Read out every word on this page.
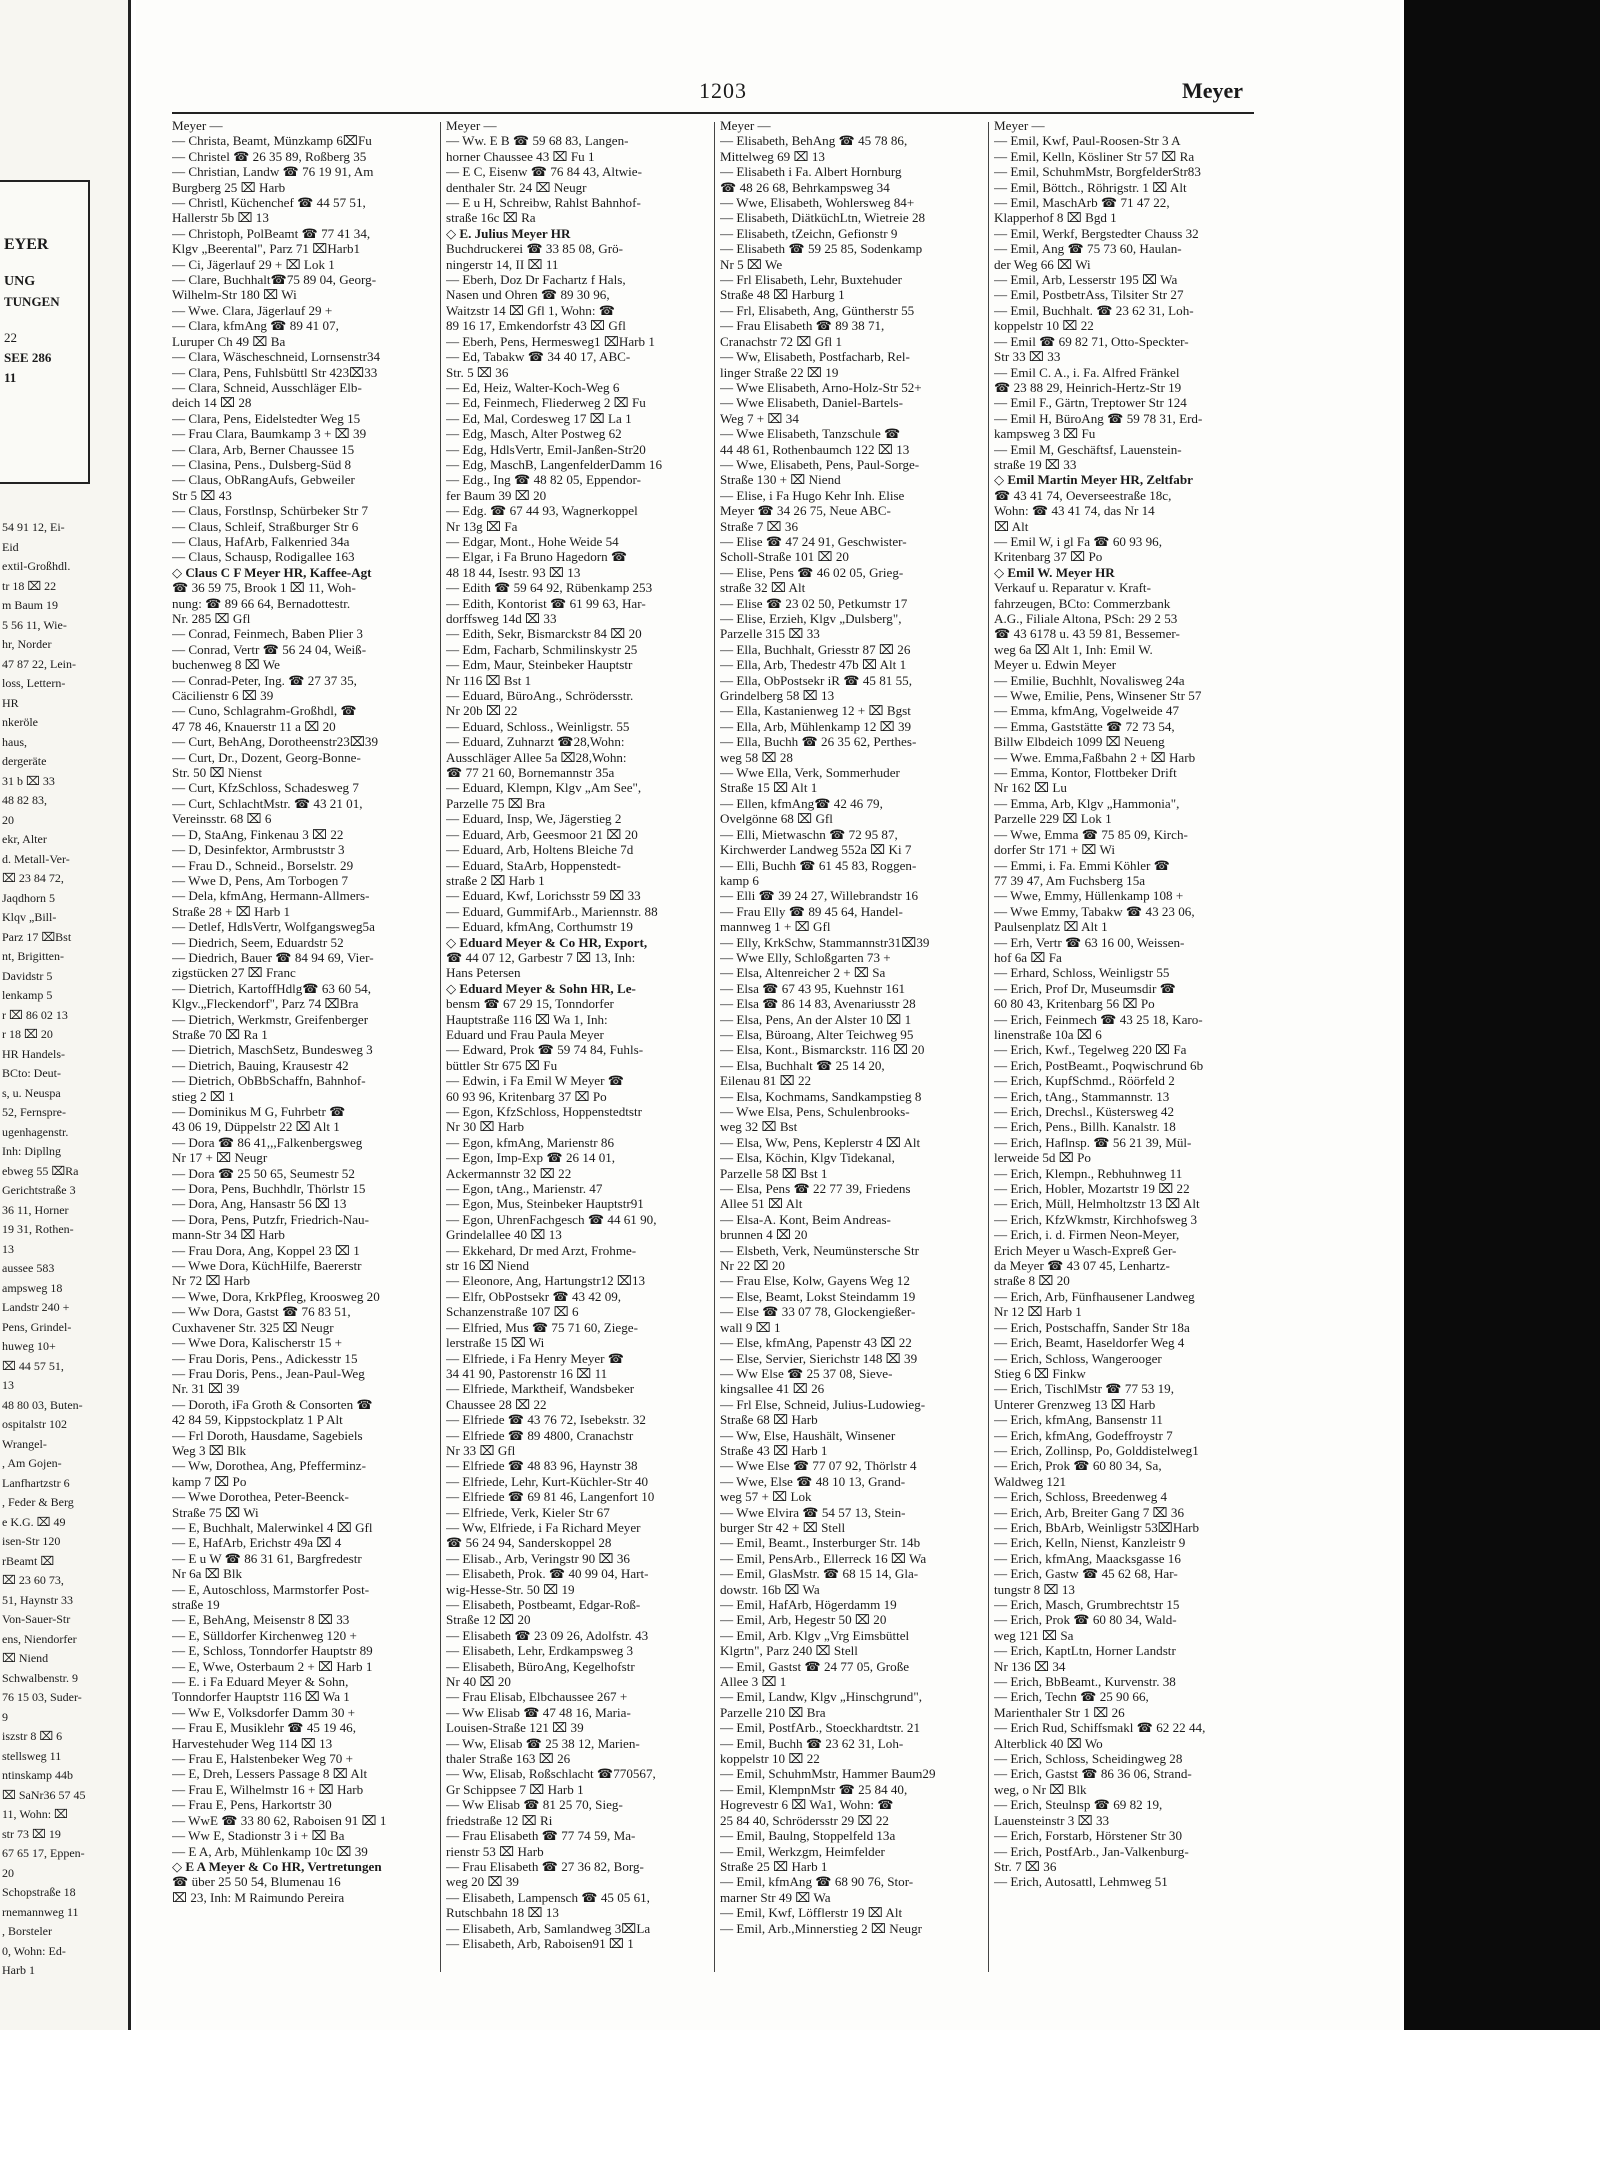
EYER
UNG
TUNGEN
22
SEE 286
11
54 91 12, Ei-
Eid
extil-Großhdl.
tr 18 ⌧ 22
m Baum 19
5 56 11, Wie-
hr, Norder
47 87 22, Lein-
loss, Lettern-
HR
nkeröle
haus,
dergeräte
31 b ⌧ 33
48 82 83,
20
ekr, Alter
d. Metall-Ver-
⌧ 23 84 72,
Jaqdhorn 5
Klqv „Bill-
Parz 17 ⌧Bst
nt, Brigitten-
Davidstr 5
lenkamp 5
r ⌧ 86 02 13
r 18 ⌧ 20
HR Handels-
BCto: Deut-
s, u. Neuspa
52, Fernspre-
ugenhagenstr.
Inh: Dipllng
ebweg 55 ⌧Ra
Gerichtstraße 3
36 11, Horner
19 31, Rothen-
13
aussee 583
ampsweg 18
Landstr 240 +
Pens, Grindel-
huweg 10+
⌧ 44 57 51,
13
48 80 03, Buten-
ospitalstr 102
Wrangel-
, Am Gojen-
Lanfhartzstr 6
, Feder & Berg
e K.G. ⌧ 49
isen-Str 120
rBeamt ⌧
⌧ 23 60 73,
51, Haynstr 33
Von-Sauer-Str
ens, Niendorfer
⌧ Niend
Schwalbenstr. 9
76 15 03, Suder-
9
iszstr 8 ⌧ 6
stellsweg 11
ntinskamp 44b
⌧ SaNr36 57 45
11, Wohn: ⌧
str 73 ⌧ 19
67 65 17, Eppen-
20
Schopstraße 18
rnemannweg 11
, Borsteler
0, Wohn: Ed-
Harb 1
1203	Meyer
Meyer —
— Christa, Beamt, Münzkamp 6⌧Fu
— Christel ☎ 26 35 89, Roßberg 35
— Christian, Landw ☎ 76 19 91, Am
Burgberg 25 ⌧ Harb
— Christl, Küchenchef ☎ 44 57 51,
Hallerstr 5b ⌧ 13
— Christoph, PolBeamt ☎ 77 41 34,
Klgv „Beerental", Parz 71 ⌧Harb1
— Ci, Jägerlauf 29 + ⌧ Lok 1
— Clare, Buchhalt☎75 89 04, Georg-
Wilhelm-Str 180 ⌧ Wi
— Wwe. Clara, Jägerlauf 29 +
— Clara, kfmAng ☎ 89 41 07,
Luruper Ch 49 ⌧ Ba
— Clara, Wäscheschneid, Lornsenstr34
— Clara, Pens, Fuhlsbüttl Str 423⌧33
— Clara, Schneid, Ausschläger Elb-
deich 14 ⌧ 28
— Clara, Pens, Eidelstedter Weg 15
— Frau Clara, Baumkamp 3 + ⌧ 39
— Clara, Arb, Berner Chaussee 15
— Clasina, Pens., Dulsberg-Süd 8
— Claus, ObRangAufs, Gebweiler
Str 5 ⌧ 43
— Claus, Forstlnsp, Schürbeker Str 7
— Claus, Schleif, Straßburger Str 6
— Claus, HafArb, Falkenried 34a
— Claus, Schausp, Rodigallee 163
◇ Claus C F Meyer HR, Kaffee-Agt
☎ 36 59 75, Brook 1 ⌧ 11, Woh-
nung: ☎ 89 66 64, Bernadottestr.
Nr. 285 ⌧ Gfl
— Conrad, Feinmech, Baben Plier 3
— Conrad, Vertr ☎ 56 24 04, Weiß-
buchenweg 8 ⌧ We
— Conrad-Peter, Ing. ☎ 27 37 35,
Cäcilienstr 6 ⌧ 39
— Cuno, Schlagrahm-Großhdl, ☎
47 78 46, Knauerstr 11 a ⌧ 20
— Curt, BehAng, Dorotheenstr23⌧39
— Curt, Dr., Dozent, Georg-Bonne-
Str. 50 ⌧ Nienst
— Curt, KfzSchloss, Schadesweg 7
— Curt, SchlachtMstr. ☎ 43 21 01,
Vereinsstr. 68 ⌧ 6
— D, StaAng, Finkenau 3 ⌧ 22
— D, Desinfektor, Armbruststr 3
— Frau D., Schneid., Borselstr. 29
— Wwe D, Pens, Am Torbogen 7
— Dela, kfmAng, Hermann-Allmers-
Straße 28 + ⌧ Harb 1
— Detlef, HdlsVertr, Wolfgangsweg5a
— Diedrich, Seem, Eduardstr 52
— Diedrich, Bauer ☎ 84 94 69, Vier-
zigstücken 27 ⌧ Franc
— Dietrich, KartoffHdlg☎ 63 60 54,
Klgv.„Fleckendorf", Parz 74 ⌧Bra
— Dietrich, Werkmstr, Greifenberger
Straße 70 ⌧ Ra 1
— Dietrich, MaschSetz, Bundesweg 3
— Dietrich, Bauing, Krausestr 42
— Dietrich, ObBbSchaffn, Bahnhof-
stieg 2 ⌧ 1
— Dominikus M G, Fuhrbetr ☎
43 06 19, Düppelstr 22 ⌧ Alt 1
— Dora ☎ 86 41,,,Falkenbergsweg
Nr 17 + ⌧ Neugr
— Dora ☎ 25 50 65, Seumestr 52
— Dora, Pens, Buchhdlr, Thörlstr 15
— Dora, Ang, Hansastr 56 ⌧ 13
— Dora, Pens, Putzfr, Friedrich-Nau-
mann-Str 34 ⌧ Harb
— Frau Dora, Ang, Koppel 23 ⌧ 1
— Wwe Dora, KüchHilfe, Baererstr
Nr 72 ⌧ Harb
— Wwe, Dora, KrkPfleg, Kroosweg 20
— Ww Dora, Gastst ☎ 76 83 51,
Cuxhavener Str. 325 ⌧ Neugr
— Wwe Dora, Kalischerstr 15 +
— Frau Doris, Pens., Adickesstr 15
— Frau Doris, Pens., Jean-Paul-Weg
Nr. 31 ⌧ 39
— Doroth, iFa Groth & Consorten ☎
42 84 59, Kippstockplatz 1 P Alt
— Frl Doroth, Hausdame, Sagebiels
Weg 3 ⌧ Blk
— Ww, Dorothea, Ang, Pfefferminz-
kamp 7 ⌧ Po
— Wwe Dorothea, Peter-Beenck-
Straße 75 ⌧ Wi
— E, Buchhalt, Malerwinkel 4 ⌧ Gfl
— E, HafArb, Erichstr 49a ⌧ 4
— E u W ☎ 86 31 61, Bargfredestr
Nr 6a ⌧ Blk
— E, Autoschloss, Marmstorfer Post-
straße 19
— E, BehAng, Meisenstr 8 ⌧ 33
— E, Sülldorfer Kirchenweg 120 +
— E, Schloss, Tonndorfer Hauptstr 89
— E, Wwe, Osterbaum 2 + ⌧ Harb 1
— E. i Fa Eduard Meyer & Sohn,
Tonndorfer Hauptstr 116 ⌧ Wa 1
— Ww E, Volksdorfer Damm 30 +
— Frau E, Musiklehr ☎ 45 19 46,
Harvestehuder Weg 114 ⌧ 13
— Frau E, Halstenbeker Weg 70 +
— E, Dreh, Lessers Passage 8 ⌧ Alt
— Frau E, Wilhelmstr 16 + ⌧ Harb
— Frau E, Pens, Harkortstr 30
— WwE ☎ 33 80 62, Raboisen 91 ⌧ 1
— Ww E, Stadionstr 3 i + ⌧ Ba
— E A, Arb, Mühlenkamp 10c ⌧ 39
◇ E A Meyer & Co HR, Vertretungen
☎ über 25 50 54, Blumenau 16
⌧ 23, Inh: M Raimundo Pereira
Meyer —
— Ww. E B ☎ 59 68 83, Langen-
horner Chaussee 43 ⌧ Fu 1
— E C, Eisenw ☎ 76 84 43, Altwie-
denthaler Str. 24 ⌧ Neugr
— E u H, Schreibw, Rahlst Bahnhof-
straße 16c ⌧ Ra
◇ E. Julius Meyer HR
Buchdruckerei ☎ 33 85 08, Grö-
ningerstr 14, II ⌧ 11
— Eberh, Doz Dr Fachartz f Hals,
Nasen und Ohren ☎ 89 30 96,
Waitzstr 14 ⌧ Gfl 1, Wohn: ☎
89 16 17, Emkendorfstr 43 ⌧ Gfl
— Eberh, Pens, Hermesweg1 ⌧Harb 1
— Ed, Tabakw ☎ 34 40 17, ABC-
Str. 5 ⌧ 36
— Ed, Heiz, Walter-Koch-Weg 6
— Ed, Feinmech, Fliederweg 2 ⌧ Fu
— Ed, Mal, Cordesweg 17 ⌧ La 1
— Edg, Masch, Alter Postweg 62
— Edg, HdlsVertr, Emil-Janßen-Str20
— Edg, MaschB, LangenfelderDamm 16
— Edg., Ing ☎ 48 82 05, Eppendor-
fer Baum 39 ⌧ 20
— Edg. ☎ 67 44 93, Wagnerkoppel
Nr 13g ⌧ Fa
— Edgar, Mont., Hohe Weide 54
— Elgar, i Fa Bruno Hagedorn ☎
48 18 44, Isestr. 93 ⌧ 13
— Edith ☎ 59 64 92, Rübenkamp 253
— Edith, Kontorist ☎ 61 99 63, Har-
dorffsweg 14d ⌧ 33
— Edith, Sekr, Bismarckstr 84 ⌧ 20
— Edm, Facharb, Schmilinskystr 25
— Edm, Maur, Steinbeker Hauptstr
Nr 116 ⌧ Bst 1
— Eduard, BüroAng., Schrödersstr.
Nr 20b ⌧ 22
— Eduard, Schloss., Weinligstr. 55
— Eduard, Zuhnarzt ☎28,Wohn:
Ausschläger Allee 5a ⌧28,Wohn:
☎ 77 21 60, Bornemannstr 35a
— Eduard, Klempn, Klgv „Am See",
Parzelle 75 ⌧ Bra
— Eduard, Insp, We, Jägerstieg 2
— Eduard, Arb, Geesmoor 21 ⌧ 20
— Eduard, Arb, Holtens Bleiche 7d
— Eduard, StaArb, Hoppenstedt-
straße 2 ⌧ Harb 1
— Eduard, Kwf, Lorichsstr 59 ⌧ 33
— Eduard, GummifArb., Mariennstr. 88
— Eduard, kfmAng, Corthumstr 19
◇ Eduard Meyer & Co HR, Export,
☎ 44 07 12, Garbestr 7 ⌧ 13, Inh:
Hans Petersen
◇ Eduard Meyer & Sohn HR, Le-
bensm ☎ 67 29 15, Tonndorfer
Hauptstraße 116 ⌧ Wa 1, Inh:
Eduard und Frau Paula Meyer
— Edward, Prok ☎ 59 74 84, Fuhls-
büttler Str 675 ⌧ Fu
— Edwin, i Fa Emil W Meyer ☎
60 93 96, Kritenbarg 37 ⌧ Po
— Egon, KfzSchloss, Hoppenstedtstr
Nr 30 ⌧ Harb
— Egon, kfmAng, Marienstr 86
— Egon, Imp-Exp ☎ 26 14 01,
Ackermannstr 32 ⌧ 22
— Egon, tAng., Marienstr. 47
— Egon, Mus, Steinbeker Hauptstr91
— Egon, UhrenFachgesch ☎ 44 61 90,
Grindelallee 40 ⌧ 13
— Ekkehard, Dr med Arzt, Frohme-
str 16 ⌧ Niend
— Eleonore, Ang, Hartungstr12 ⌧13
— Elfr, ObPostsekr ☎ 43 42 09,
Schanzenstraße 107 ⌧ 6
— Elfried, Mus ☎ 75 71 60, Ziege-
lerstraße 15 ⌧ Wi
— Elfriede, i Fa Henry Meyer ☎
34 41 90, Pastorenstr 16 ⌧ 11
— Elfriede, Marktheif, Wandsbeker
Chaussee 28 ⌧ 22
— Elfriede ☎ 43 76 72, Isebekstr. 32
— Elfriede ☎ 89 4800, Cranachstr
Nr 33 ⌧ Gfl
— Elfriede ☎ 48 83 96, Haynstr 38
— Elfriede, Lehr, Kurt-Küchler-Str 40
— Elfriede ☎ 69 81 46, Langenfort 10
— Elfriede, Verk, Kieler Str 67
— Ww, Elfriede, i Fa Richard Meyer
☎ 56 24 94, Sanderskoppel 28
— Elisab., Arb, Veringstr 90 ⌧ 36
— Elisabeth, Prok. ☎ 40 99 04, Hart-
wig-Hesse-Str. 50 ⌧ 19
— Elisabeth, Postbeamt, Edgar-Roß-
Straße 12 ⌧ 20
— Elisabeth ☎ 23 09 26, Adolfstr. 43
— Elisabeth, Lehr, Erdkampsweg 3
— Elisabeth, BüroAng, Kegelhofstr
Nr 40 ⌧ 20
— Frau Elisab, Elbchaussee 267 +
— Ww Elisab ☎ 47 48 16, Maria-
Louisen-Straße 121 ⌧ 39
— Ww, Elisab ☎ 25 38 12, Marien-
thaler Straße 163 ⌧ 26
— Ww, Elisab, Roßschlacht ☎770567,
Gr Schippsee 7 ⌧ Harb 1
— Ww Elisab ☎ 81 25 70, Sieg-
friedstraße 12 ⌧ Ri
— Frau Elisabeth ☎ 77 74 59, Ma-
rienstr 53 ⌧ Harb
— Frau Elisabeth ☎ 27 36 82, Borg-
weg 20 ⌧ 39
— Elisabeth, Lampensch ☎ 45 05 61,
Rutschbahn 18 ⌧ 13
— Elisabeth, Arb, Samlandweg 3⌧La
— Elisabeth, Arb, Raboisen91 ⌧ 1
Meyer —
— Elisabeth, BehAng ☎ 45 78 86,
Mittelweg 69 ⌧ 13
— Elisabeth i Fa. Albert Hornburg
☎ 48 26 68, Behrkampsweg 34
— Wwe, Elisabeth, Wohlersweg 84+
— Elisabeth, DiätküchLtn, Wietreie 28
— Elisabeth, tZeichn, Gefionstr 9
— Elisabeth ☎ 59 25 85, Sodenkamp
Nr 5 ⌧ We
— Frl Elisabeth, Lehr, Buxtehuder
Straße 48 ⌧ Harburg 1
— Frl, Elisabeth, Ang, Güntherstr 55
— Frau Elisabeth ☎ 89 38 71,
Cranachstr 72 ⌧ Gfl 1
— Ww, Elisabeth, Postfacharb, Rel-
linger Straße 22 ⌧ 19
— Wwe Elisabeth, Arno-Holz-Str 52+
— Wwe Elisabeth, Daniel-Bartels-
Weg 7 + ⌧ 34
— Wwe Elisabeth, Tanzschule ☎
44 48 61, Rothenbaumch 122 ⌧ 13
— Wwe, Elisabeth, Pens, Paul-Sorge-
Straße 130 + ⌧ Niend
— Elise, i Fa Hugo Kehr Inh. Elise
Meyer ☎ 34 26 75, Neue ABC-
Straße 7 ⌧ 36
— Elise ☎ 47 24 91, Geschwister-
Scholl-Straße 101 ⌧ 20
— Elise, Pens ☎ 46 02 05, Grieg-
straße 32 ⌧ Alt
— Elise ☎ 23 02 50, Petkumstr 17
— Elise, Erzieh, Klgv „Dulsberg",
Parzelle 315 ⌧ 33
— Ella, Buchhalt, Griesstr 87 ⌧ 26
— Ella, Arb, Thedestr 47b ⌧ Alt 1
— Ella, ObPostsekr iR ☎ 45 81 55,
Grindelberg 58 ⌧ 13
— Ella, Kastanienweg 12 + ⌧ Bgst
— Ella, Arb, Mühlenkamp 12 ⌧ 39
— Ella, Buchh ☎ 26 35 62, Perthes-
weg 58 ⌧ 28
— Wwe Ella, Verk, Sommerhuder
Straße 15 ⌧ Alt 1
— Ellen, kfmAng☎ 42 46 79,
Ovelgönne 68 ⌧ Gfl
— Elli, Mietwaschn ☎ 72 95 87,
Kirchwerder Landweg 552a ⌧ Ki 7
— Elli, Buchh ☎ 61 45 83, Roggen-
kamp 6
— Elli ☎ 39 24 27, Willebrandstr 16
— Frau Elly ☎ 89 45 64, Handel-
mannweg 1 + ⌧ Gfl
— Elly, KrkSchw, Stammannstr31⌧39
— Wwe Elly, Schloßgarten 73 +
— Elsa, Altenreicher 2 + ⌧ Sa
— Elsa ☎ 67 43 95, Kuehnstr 161
— Elsa ☎ 86 14 83, Avenariusstr 28
— Elsa, Pens, An der Alster 10 ⌧ 1
— Elsa, Büroang, Alter Teichweg 95
— Elsa, Kont., Bismarckstr. 116 ⌧ 20
— Elsa, Buchhalt ☎ 25 14 20,
Eilenau 81 ⌧ 22
— Elsa, Kochmams, Sandkampstieg 8
— Wwe Elsa, Pens, Schulenbrooks-
weg 32 ⌧ Bst
— Elsa, Ww, Pens, Keplerstr 4 ⌧ Alt
— Elsa, Köchin, Klgv Tidekanal,
Parzelle 58 ⌧ Bst 1
— Elsa, Pens ☎ 22 77 39, Friedens
Allee 51 ⌧ Alt
— Elsa-A. Kont, Beim Andreas-
brunnen 4 ⌧ 20
— Elsbeth, Verk, Neumünstersche Str
Nr 22 ⌧ 20
— Frau Else, Kolw, Gayens Weg 12
— Else, Beamt, Lokst Steindamm 19
— Else ☎ 33 07 78, Glockengießer-
wall 9 ⌧ 1
— Else, kfmAng, Papenstr 43 ⌧ 22
— Else, Servier, Sierichstr 148 ⌧ 39
— Ww Else ☎ 25 37 08, Sieve-
kingsallee 41 ⌧ 26
— Frl Else, Schneid, Julius-Ludowieg-
Straße 68 ⌧ Harb
— Ww, Else, Haushält, Winsener
Straße 43 ⌧ Harb 1
— Wwe Else ☎ 77 07 92, Thörlstr 4
— Wwe, Else ☎ 48 10 13, Grand-
weg 57 + ⌧ Lok
— Wwe Elvira ☎ 54 57 13, Stein-
burger Str 42 + ⌧ Stell
— Emil, Beamt., Insterburger Str. 14b
— Emil, PensArb., Ellerreck 16 ⌧ Wa
— Emil, GlasMstr. ☎ 68 15 14, Gla-
dowstr. 16b ⌧ Wa
— Emil, HafArb, Högerdamm 19
— Emil, Arb, Hegestr 50 ⌧ 20
— Emil, Arb. Klgv „Vrg Eimsbüttel
Klgrtn", Parz 240 ⌧ Stell
— Emil, Gastst ☎ 24 77 05, Große
Allee 3 ⌧ 1
— Emil, Landw, Klgv „Hinschgrund",
Parzelle 210 ⌧ Bra
— Emil, PostfArb., Stoeckhardtstr. 21
— Emil, Buchh ☎ 23 62 31, Loh-
koppelstr 10 ⌧ 22
— Emil, SchuhmMstr, Hammer Baum29
— Emil, KlempnMstr ☎ 25 84 40,
Hogrevestr 6 ⌧ Wa1, Wohn: ☎
25 84 40, Schrödersstr 29 ⌧ 22
— Emil, Baulng, Stoppelfeld 13a
— Emil, Werkzgm, Heimfelder
Straße 25 ⌧ Harb 1
— Emil, kfmAng ☎ 68 90 76, Stor-
marner Str 49 ⌧ Wa
— Emil, Kwf, Löfflerstr 19 ⌧ Alt
— Emil, Arb.,Minnerstieg 2 ⌧ Neugr
Meyer —
— Emil, Kwf, Paul-Roosen-Str 3 A
— Emil, Kelln, Kösliner Str 57 ⌧ Ra
— Emil, SchuhmMstr, BorgfelderStr83
— Emil, Böttch., Röhrigstr. 1 ⌧ Alt
— Emil, MaschArb ☎ 71 47 22,
Klapperhof 8 ⌧ Bgd 1
— Emil, Werkf, Bergstedter Chauss 32
— Emil, Ang ☎ 75 73 60, Haulan-
der Weg 66 ⌧ Wi
— Emil, Arb, Lesserstr 195 ⌧ Wa
— Emil, PostbetrAss, Tilsiter Str 27
— Emil, Buchhalt. ☎ 23 62 31, Loh-
koppelstr 10 ⌧ 22
— Emil ☎ 69 82 71, Otto-Speckter-
Str 33 ⌧ 33
— Emil C. A., i. Fa. Alfred Fränkel
☎ 23 88 29, Heinrich-Hertz-Str 19
— Emil F., Gärtn, Treptower Str 124
— Emil H, BüroAng ☎ 59 78 31, Erd-
kampsweg 3 ⌧ Fu
— Emil M, Geschäftsf, Lauenstein-
straße 19 ⌧ 33
◇ Emil Martin Meyer HR, Zeltfabr
☎ 43 41 74, Oeverseestraße 18c,
Wohn: ☎ 43 41 74, das Nr 14
⌧ Alt
— Emil W, i gl Fa ☎ 60 93 96,
Kritenbarg 37 ⌧ Po
◇ Emil W. Meyer HR
Verkauf u. Reparatur v. Kraft-
fahrzeugen, BCto: Commerzbank
A.G., Filiale Altona, PSch: 29 2 53
☎ 43 6178 u. 43 59 81, Bessemer-
weg 6a ⌧ Alt 1, Inh: Emil W.
Meyer u. Edwin Meyer
— Emilie, Buchhlt, Novalisweg 24a
— Wwe, Emilie, Pens, Winsener Str 57
— Emma, kfmAng, Vogelweide 47
— Emma, Gaststätte ☎ 72 73 54,
Billw Elbdeich 1099 ⌧ Neueng
— Wwe. Emma,Faßbahn 2 + ⌧ Harb
— Emma, Kontor, Flottbeker Drift
Nr 162 ⌧ Lu
— Emma, Arb, Klgv „Hammonia",
Parzelle 229 ⌧ Lok 1
— Wwe, Emma ☎ 75 85 09, Kirch-
dorfer Str 171 + ⌧ Wi
— Emmi, i. Fa. Emmi Köhler ☎
77 39 47, Am Fuchsberg 15a
— Wwe, Emmy, Hüllenkamp 108 +
— Wwe Emmy, Tabakw ☎ 43 23 06,
Paulsenplatz ⌧ Alt 1
— Erh, Vertr ☎ 63 16 00, Weissen-
hof 6a ⌧ Fa
— Erhard, Schloss, Weinligstr 55
— Erich, Prof Dr, Museumsdir ☎
60 80 43, Kritenbarg 56 ⌧ Po
— Erich, Feinmech ☎ 43 25 18, Karo-
linenstraße 10a ⌧ 6
— Erich, Kwf., Tegelweg 220 ⌧ Fa
— Erich, PostBeamt., Poqwischrund 6b
— Erich, KupfSchmd., Röörfeld 2
— Erich, tAng., Stammannstr. 13
— Erich, Drechsl., Küstersweg 42
— Erich, Pens., Billh. Kanalstr. 18
— Erich, Haflnsp. ☎ 56 21 39, Mül-
lerweide 5d ⌧ Po
— Erich, Klempn., Rebhuhnweg 11
— Erich, Hobler, Mozartstr 19 ⌧ 22
— Erich, Müll, Helmholtzstr 13 ⌧ Alt
— Erich, KfzWkmstr, Kirchhofsweg 3
— Erich, i. d. Firmen Neon-Meyer,
Erich Meyer u Wasch-Expreß Ger-
da Meyer ☎ 43 07 45, Lenhartz-
straße 8 ⌧ 20
— Erich, Arb, Fünfhausener Landweg
Nr 12 ⌧ Harb 1
— Erich, Postschaffn, Sander Str 18a
— Erich, Beamt, Haseldorfer Weg 4
— Erich, Schloss, Wangerooger
Stieg 6 ⌧ Finkw
— Erich, TischlMstr ☎ 77 53 19,
Unterer Grenzweg 13 ⌧ Harb
— Erich, kfmAng, Bansenstr 11
— Erich, kfmAng, Godeffroystr 7
— Erich, Zollinsp, Po, Golddistelweg1
— Erich, Prok ☎ 60 80 34, Sa,
Waldweg 121
— Erich, Schloss, Breedenweg 4
— Erich, Arb, Breiter Gang 7 ⌧ 36
— Erich, BbArb, Weinligstr 53⌧Harb
— Erich, Kelln, Nienst, Kanzleistr 9
— Erich, kfmAng, Maacksgasse 16
— Erich, Gastw ☎ 45 62 68, Har-
tungstr 8 ⌧ 13
— Erich, Masch, Grumbrechtstr 15
— Erich, Prok ☎ 60 80 34, Wald-
weg 121 ⌧ Sa
— Erich, KaptLtn, Horner Landstr
Nr 136 ⌧ 34
— Erich, BbBeamt., Kurvenstr. 38
— Erich, Techn ☎ 25 90 66,
Marienthaler Str 1 ⌧ 26
— Erich Rud, Schiffsmakl ☎ 62 22 44,
Alterblick 40 ⌧ Wo
— Erich, Schloss, Scheidingweg 28
— Erich, Gastst ☎ 86 36 06, Strand-
weg, o Nr ⌧ Blk
— Erich, Steulnsp ☎ 69 82 19,
Lauensteinstr 3 ⌧ 33
— Erich, Forstarb, Hörstener Str 30
— Erich, PostfArb., Jan-Valkenburg-
Str. 7 ⌧ 36
— Erich, Autosattl, Lehmweg 51
